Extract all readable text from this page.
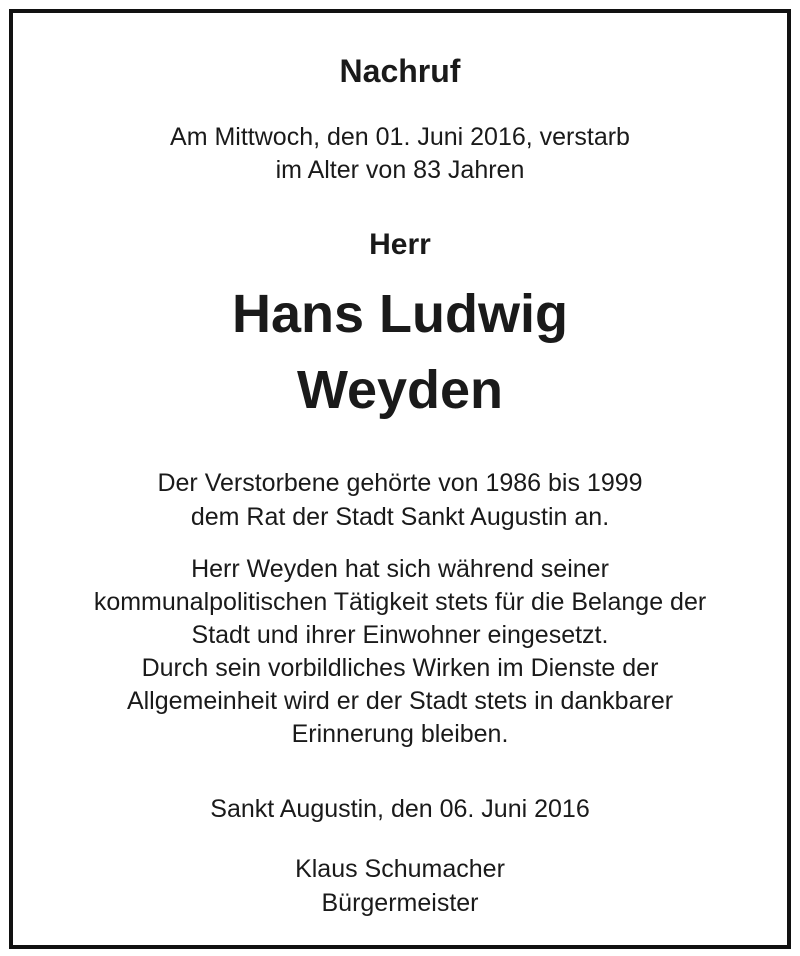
Nachruf
Am Mittwoch, den 01. Juni 2016, verstarb
im Alter von 83 Jahren
Herr
Hans Ludwig
Weyden
Der Verstorbene gehörte von 1986 bis 1999
dem Rat der Stadt Sankt Augustin an.
Herr Weyden hat sich während seiner
kommunalpolitischen Tätigkeit stets für die Belange der
Stadt und ihrer Einwohner eingesetzt.
Durch sein vorbildliches Wirken im Dienste der
Allgemeinheit wird er der Stadt stets in dankbarer
Erinnerung bleiben.
Sankt Augustin, den 06. Juni 2016
Klaus Schumacher
Bürgermeister
